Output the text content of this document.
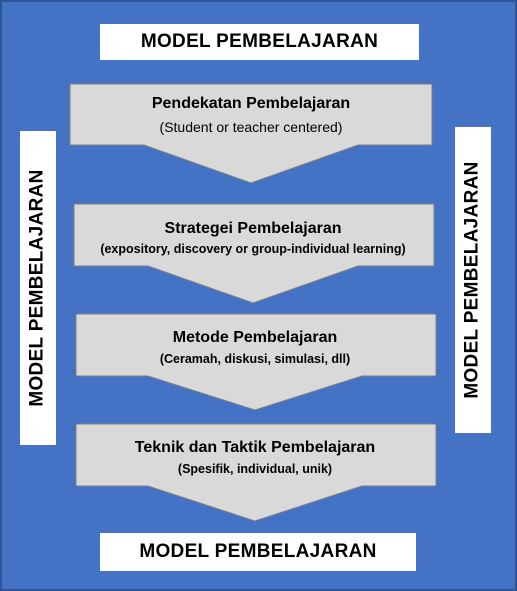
MODEL PEMBELAJARAN
MODEL PEMBELAJARAN	MODEL PEMBELAJARAN
MODEL PEMBELAJARAN
Pendekatan Pembelajaran
(Student or teacher centered)
Strategei Pembelajaran
(expository, discovery or group-individual learning)
Metode Pembelajaran
(Ceramah, diskusi, simulasi, dll)
Teknik dan Taktik Pembelajaran
(Spesifik, individual, unik)
